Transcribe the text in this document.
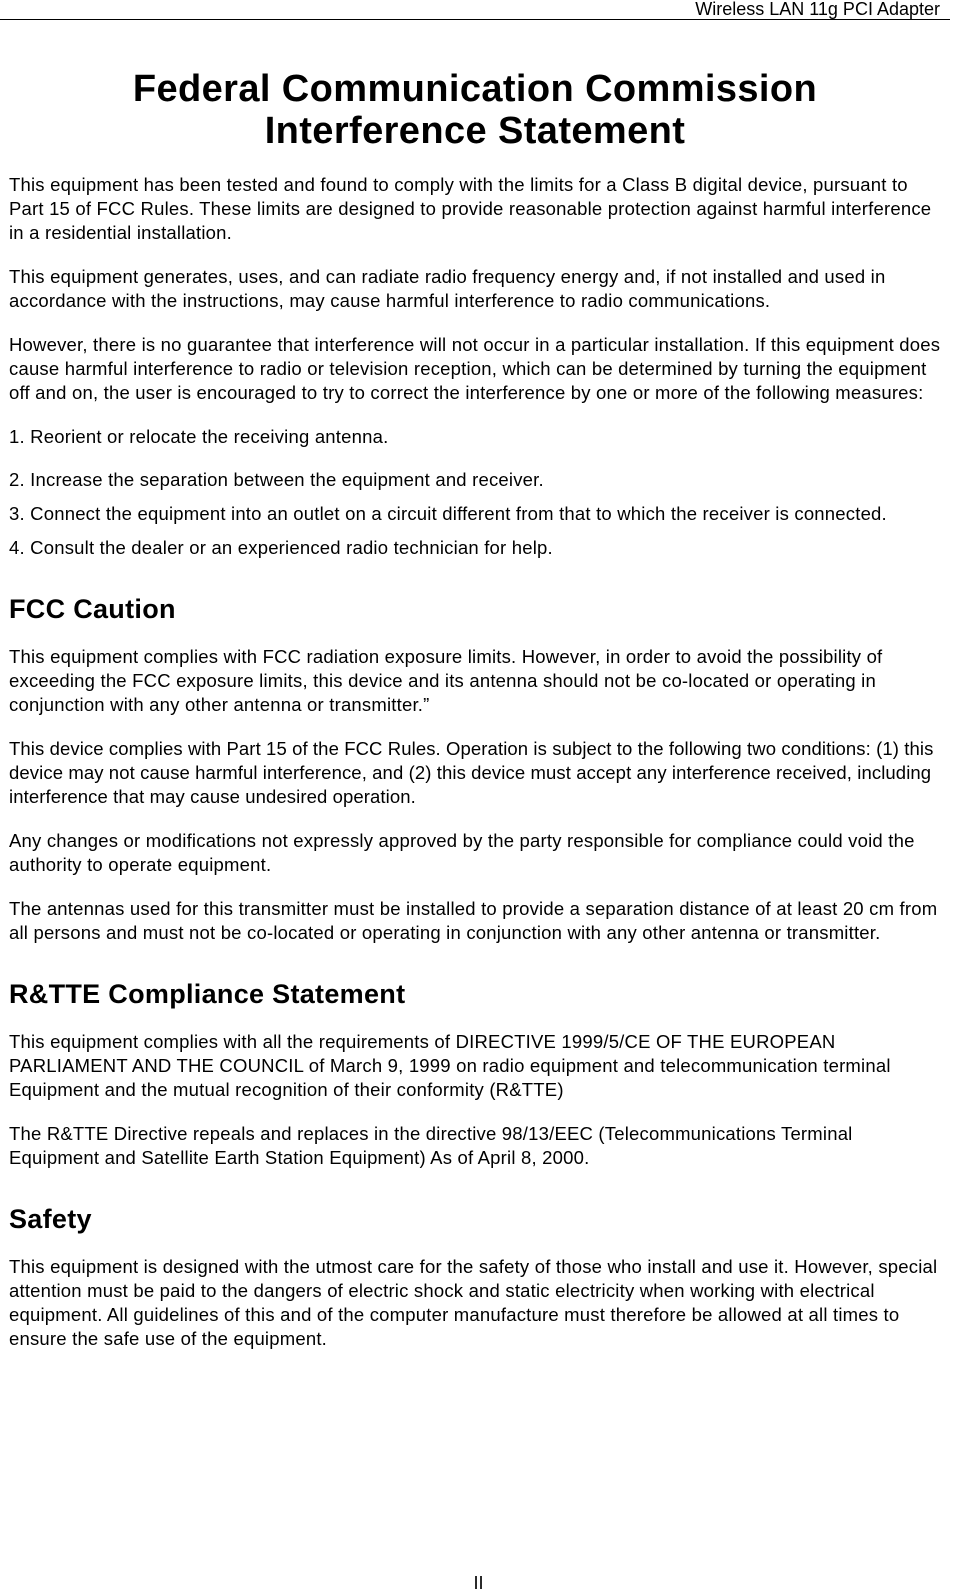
Wireless LAN 11g PCI Adapter
Federal Communication Commission
Interference Statement

This equipment has been tested and found to comply with the limits for a Class B digital device, pursuant to Part 15 of FCC Rules. These limits are designed to provide reasonable protection against harmful interference in a residential installation.

This equipment generates, uses, and can radiate radio frequency energy and, if not installed and used in accordance with the instructions, may cause harmful interference to radio communications.

However, there is no guarantee that interference will not occur in a particular installation. If this equipment does cause harmful interference to radio or television reception, which can be determined by turning the equipment off and on, the user is encouraged to try to correct the interference by one or more of the following measures:

1. Reorient or relocate the receiving antenna.
2. Increase the separation between the equipment and receiver.
3. Connect the equipment into an outlet on a circuit different from that to which the receiver is connected.
4. Consult the dealer or an experienced radio technician for help.
FCC Caution

This equipment complies with FCC radiation exposure limits. However, in order to avoid the possibility of exceeding the FCC exposure limits, this device and its antenna should not be co-located or operating in conjunction with any other antenna or transmitter.”

This device complies with Part 15 of the FCC Rules. Operation is subject to the following two conditions: (1) this device may not cause harmful interference, and (2) this device must accept any interference received, including interference that may cause undesired operation.

Any changes or modifications not expressly approved by the party responsible for compliance could void the authority to operate equipment.

The antennas used for this transmitter must be installed to provide a separation distance of at least 20 cm from all persons and must not be co-located or operating in conjunction with any other antenna or transmitter.

R&TTE Compliance Statement

This equipment complies with all the requirements of DIRECTIVE 1999/5/CE OF THE EUROPEAN PARLIAMENT AND THE COUNCIL of March 9, 1999 on radio equipment and telecommunication terminal Equipment and the mutual recognition of their conformity (R&TTE)

The R&TTE Directive repeals and replaces in the directive 98/13/EEC (Telecommunications Terminal Equipment and Satellite Earth Station Equipment) As of April 8, 2000.

Safety

This equipment is designed with the utmost care for the safety of those who install and use it. However, special attention must be paid to the dangers of electric shock and static electricity when working with electrical equipment. All guidelines of this and of the computer manufacture must therefore be allowed at all times to ensure the safe use of the equipment.

II
